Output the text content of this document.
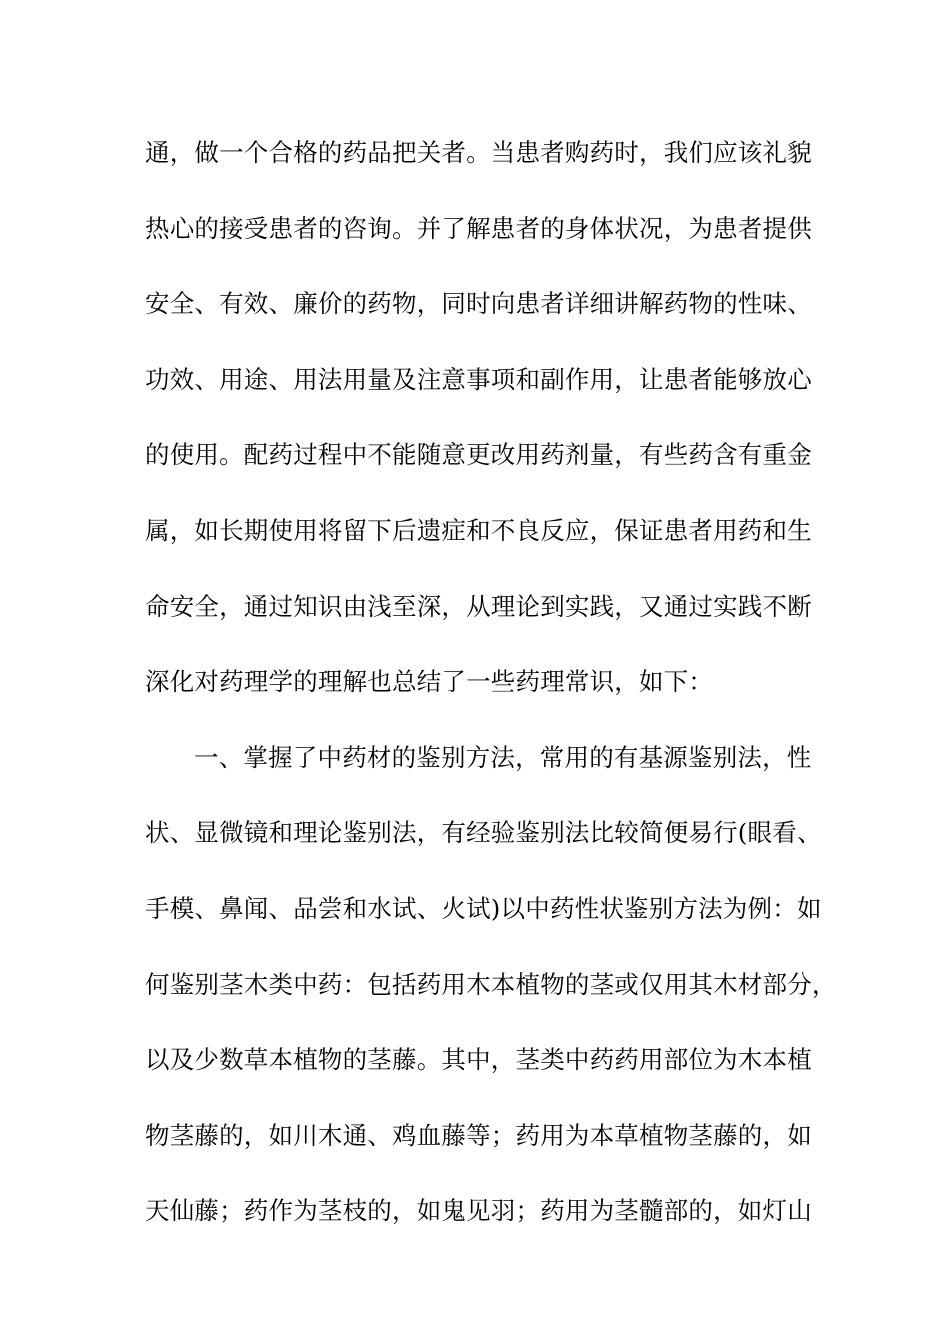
通，做一个合格的药品把关者。当患者购药时，我们应该礼貌
热心的接受患者的咨询。并了解患者的身体状况，为患者提供
安全、有效、廉价的药物，同时向患者详细讲解药物的性味、
功效、用途、用法用量及注意事项和副作用，让患者能够放心
的使用。配药过程中不能随意更改用药剂量，有些药含有重金
属，如长期使用将留下后遗症和不良反应，保证患者用药和生
命安全，通过知识由浅至深，从理论到实践，又通过实践不断
深化对药理学的理解也总结了一些药理常识，如下：
一、掌握了中药材的鉴别方法，常用的有基源鉴别法，性
状、显微镜和理论鉴别法，有经验鉴别法比较简便易行(眼看、
手模、鼻闻、品尝和水试、火试)以中药性状鉴别方法为例：如
何鉴别茎木类中药：包括药用木本植物的茎或仅用其木材部分，
以及少数草本植物的茎藤。其中，茎类中药药用部位为木本植
物茎藤的，如川木通、鸡血藤等；药用为本草植物茎藤的，如
天仙藤；药作为茎枝的，如鬼见羽；药用为茎髓部的，如灯山
